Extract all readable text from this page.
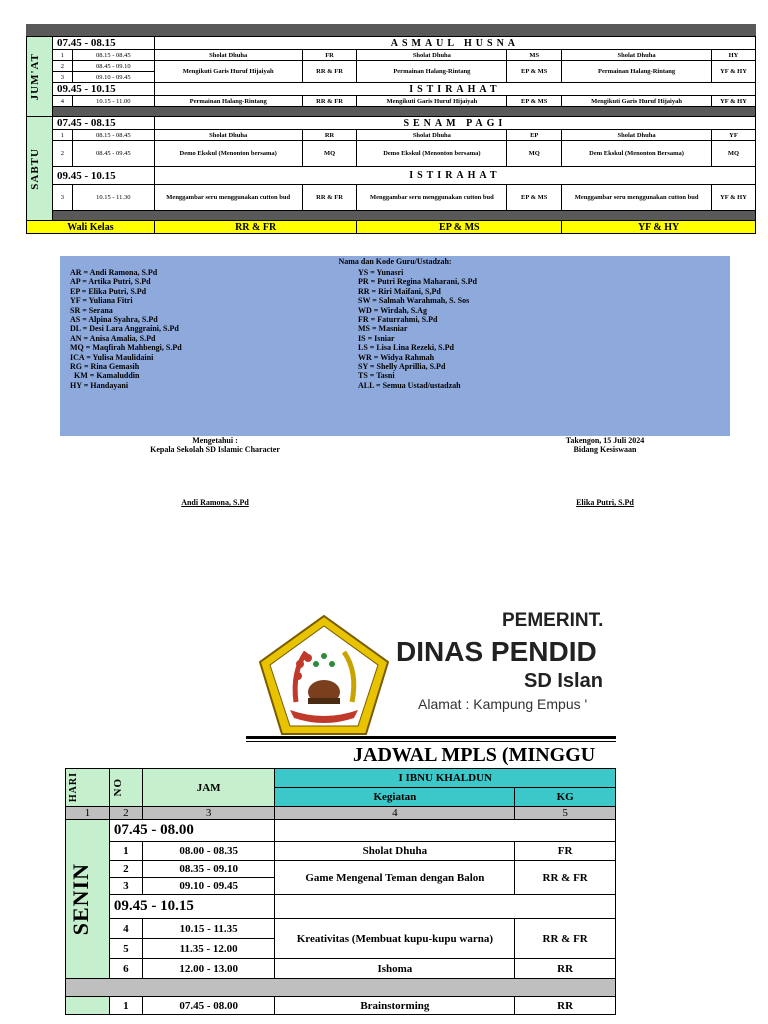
JUM'AT	07.45 - 08.15		ASMAUL HUSNA					
	1	08.15 - 08.45	Sholat Dhuha	FR	Sholat Dhuha	MS	Sholat Dhuha	HY
	2	08.45 - 09.10	Mengikuti Garis Huruf Hijaiyah	RR & FR	Permainan Halang-Rintang	EP & MS	Permainan Halang-Rintang	YF & HY
	3	09.10 - 09.45						
	09.45 - 10.15		ISTIRAHAT					
	4	10.15 - 11.00	Permainan Halang-Rintang	RR & FR	Mengikuti Garis Huruf Hijaiyah	EP & MS	Mengikuti Garis Huruf Hijaiyah	YF & HY

SABTU	07.45 - 08.15		SENAM PAGI					
	1	08.15 - 08.45	Sholat Dhuha	RR	Sholat Dhuha	EP	Sholat Dhuha	YF
	2	08.45 - 09.45	Demo Ekskul (Menonton bersama)	MQ	Demo Ekskul (Menonton bersama)	MQ	Dem Ekskul (Menonton Bersama)	MQ
	09.45 - 10.15		ISTIRAHAT					
	3	10.15 - 11.30	Menggambar seru menggunakan cutton bud	RR & FR	Menggambar seru menggunakan cutton bud	EP & MS	Menggambar seru menggunakan cutton bud	YF & HY

Wali Kelas			RR & FR		EP & MS		YF & HY	
Nama dan Kode Guru/Ustadzah:
AR = Andi Ramona, S.Pd
AP = Artika Putri, S.Pd
EP = Elika Putri, S.Pd
YF = Yuliana Fitri
SR = Serana
AS = Alpina Syahra, S.Pd
DL = Desi Lara Anggraini, S.Pd
AN = Anisa Amalia, S.Pd
MQ = Maqfirah Mahbengi, S.Pd
ICA = Yulisa Maulidaini
RG = Rina Gemasih
KM = Kamaluddin
HY = Handayani
YS = Yunasri
PR = Putri Regina Maharani, S.Pd
RR = Riri Maifani, S,Pd
SW = Salmah Warahmah, S. Sos
WD = Wirdah, S.Ag
FR = Faturrahmi, S.Pd
MS = Masniar
IS = Isniar
LS = Lisa Lina Rezeki, S.Pd
WR = Widya Rahmah
SY = Shelly Aprillia, S.Pd
TS = Tasni
ALL = Semua Ustad/ustadzah
Mengetahui :
Kepala Sekolah SD Islamic Character
Takengon, 15 Juli 2024
Bidang Kesiswaan
Andi Ramona, S.Pd	Elika Putri, S.Pd
PEMERINT.
DINAS PENDID
SD Islan
Alamat : Kampung Empus '
JADWAL MPLS (MINGGU
HARI	NO	JAM	I IBNU KHALDUN	
			Kegiatan	KG
1	2	3	4	5

SENIN	07.45 - 08.00			
	1	08.00 - 08.35	Sholat Dhuha	FR
	2	08.35 - 09.10	Game Mengenal Teman dengan Balon	RR & FR
	3	09.10 - 09.45		
	09.45 - 10.15			
	4	10.15 - 11.35	Kreativitas (Membuat kupu-kupu warna)	RR & FR
	5	11.35 - 12.00		
	6	12.00 - 13.00	Ishoma	RR

	1	07.45 - 08.00	Brainstorming	RR
